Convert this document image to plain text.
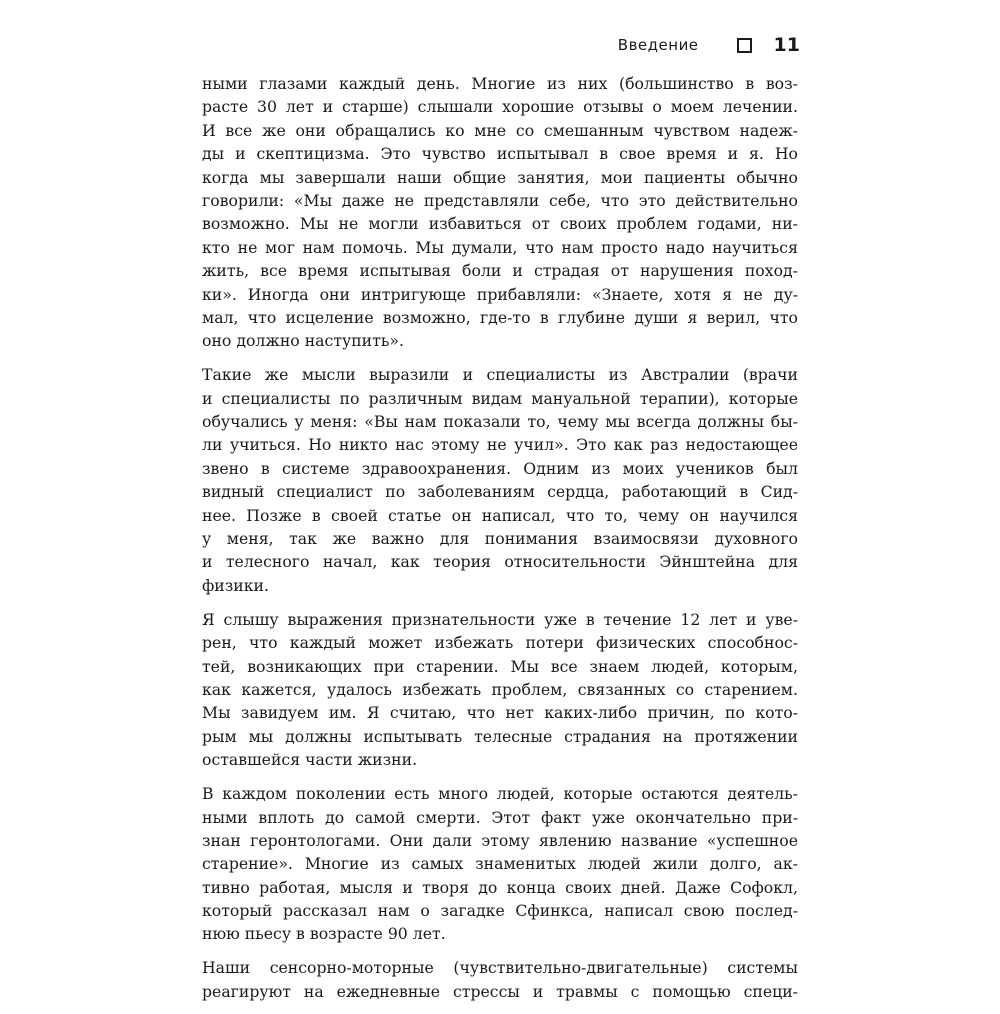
Введение	11
ными глазами каждый день. Многие из них (большинство в воз-
расте 30 лет и старше) слышали хорошие отзывы о моем лечении.
И все же они обращались ко мне со смешанным чувством надеж-
ды и скептицизма. Это чувство испытывал в свое время и я. Но
когда мы завершали наши общие занятия, мои пациенты обычно
говорили: «Мы даже не представляли себе, что это действительно
возможно. Мы не могли избавиться от своих проблем годами, ни-
кто не мог нам помочь. Мы думали, что нам просто надо научиться
жить, все время испытывая боли и страдая от нарушения поход-
ки». Иногда они интригующе прибавляли: «Знаете, хотя я не ду-
мал, что исцеление возможно, где-то в глубине души я верил, что
оно должно наступить».
Такие же мысли выразили и специалисты из Австралии (врачи
и специалисты по различным видам мануальной терапии), которые
обучались у меня: «Вы нам показали то, чему мы всегда должны бы-
ли учиться. Но никто нас этому не учил». Это как раз недостающее
звено в системе здравоохранения. Одним из моих учеников был
видный специалист по заболеваниям сердца, работающий в Сид-
нее. Позже в своей статье он написал, что то, чему он научился
у меня, так же важно для понимания взаимосвязи духовного
и телесного начал, как теория относительности Эйнштейна для
физики.
Я слышу выражения признательности уже в течение 12 лет и уве-
рен, что каждый может избежать потери физических способнос-
тей, возникающих при старении. Мы все знаем людей, которым,
как кажется, удалось избежать проблем, связанных со старением.
Мы завидуем им. Я считаю, что нет каких-либо причин, по кото-
рым мы должны испытывать телесные страдания на протяжении
оставшейся части жизни.
В каждом поколении есть много людей, которые остаются деятель-
ными вплоть до самой смерти. Этот факт уже окончательно при-
знан геронтологами. Они дали этому явлению название «успешное
старение». Многие из самых знаменитых людей жили долго, ак-
тивно работая, мысля и творя до конца своих дней. Даже Софокл,
который рассказал нам о загадке Сфинкса, написал свою послед-
нюю пьесу в возрасте 90 лет.
Наши сенсорно-моторные (чувствительно-двигательные) системы
реагируют на ежедневные стрессы и травмы с помощью специ-
